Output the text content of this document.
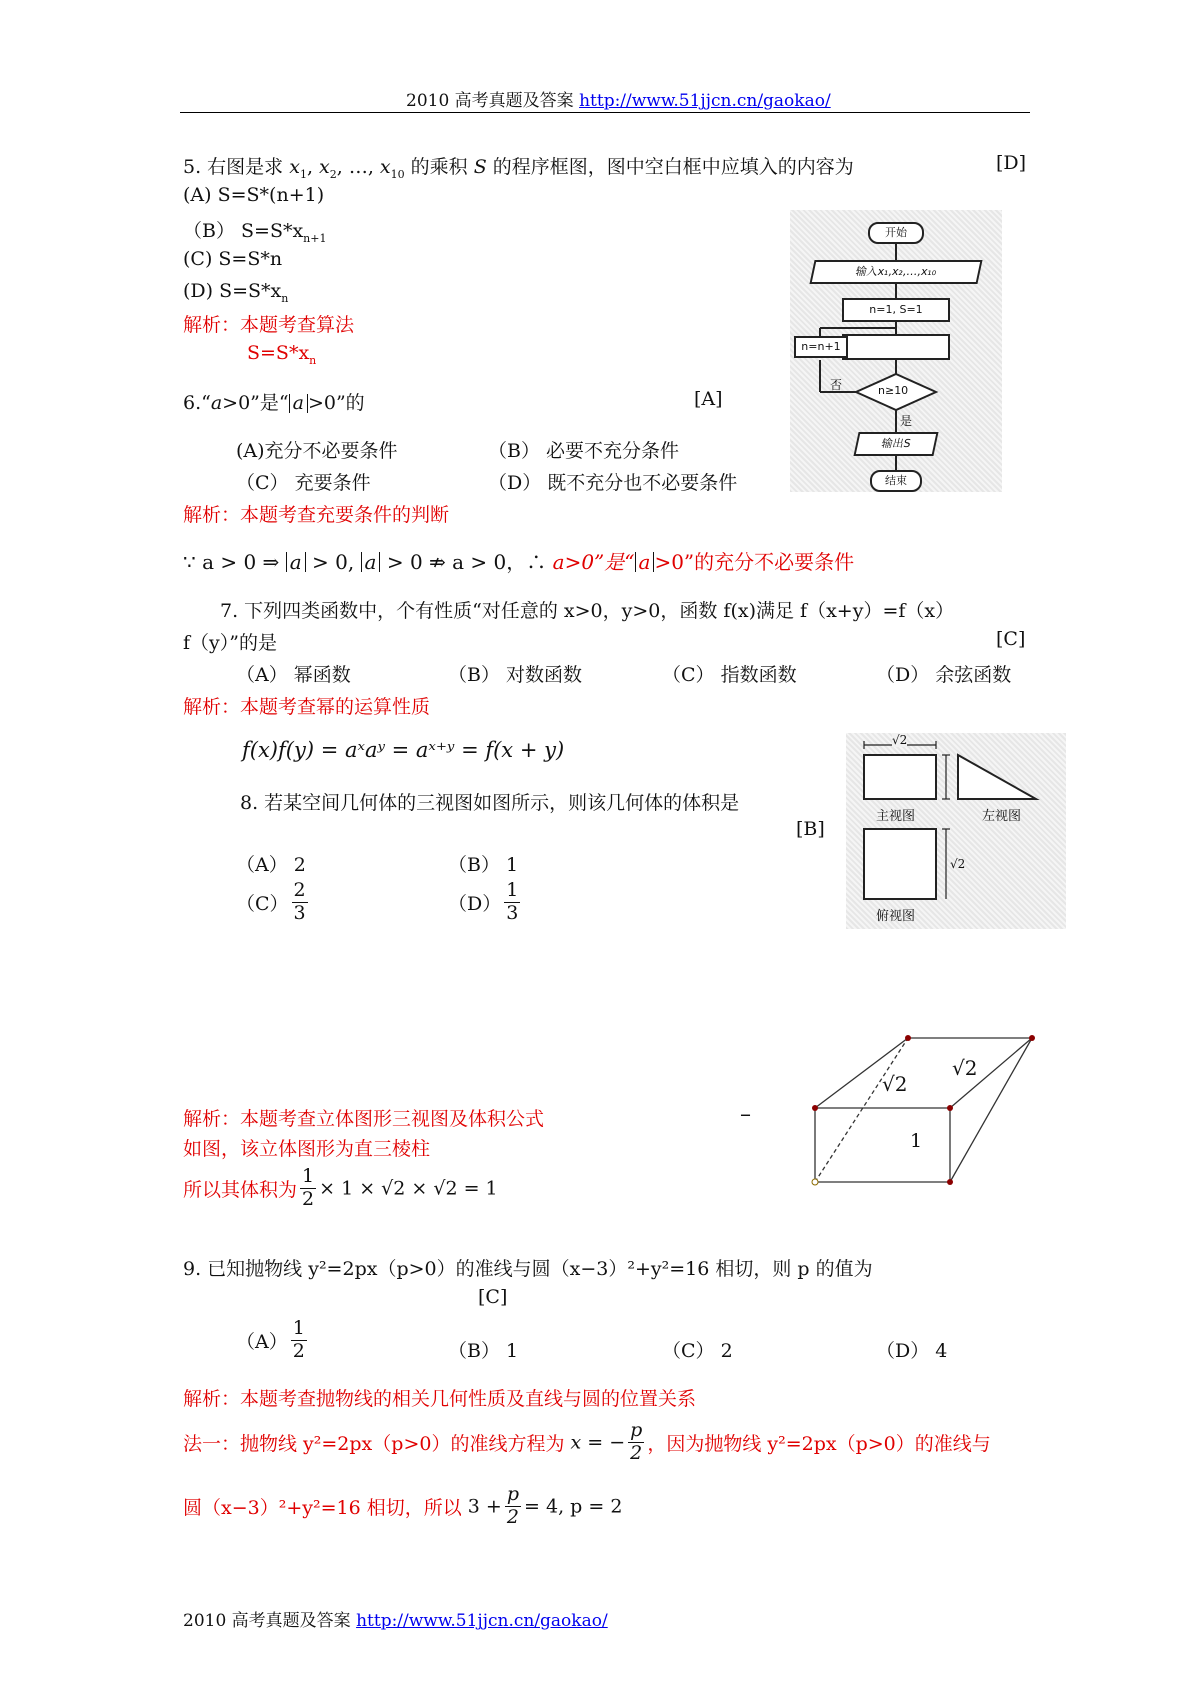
2010 高考真题及答案 http://www.51jjcn.cn/gaokao/
5. 右图是求 $x_1$, $x_2$, …, $x_{10}$ 的乘积 S 的程序框图，图中空白框中应填入的内容为	[D]
(A) S=S*(n+1)
（B） $S=S*x_{n+1}$
(C) S=S*n
(D) $S=S*x_n$
解析：本题考查算法
$S=S*x_n$
开始
输入x₁,x₂,…,x₁₀
n=1, S=1
n=n+1
n≥10
否
是
输出S
结束
6.“a>0”是“ a >0”的	[A]
(A)充分不必要条件	（B） 必要不充分条件
（C） 充要条件	（D） 既不充分也不必要条件
解析：本题考查充要条件的判断
∵ a > 0 ⇒ a > 0, a > 0 ⇏ a > 0，∴ a>0”是“ a >0”的充分不必要条件
7. 下列四类函数中，个有性质“对任意的 x>0，y>0，函数 f(x)满足 f（x+y）=f（x）
f（y）”的是	[C]
（A） 幂函数	（B） 对数函数	（C） 指数函数	（D） 余弦函数
解析：本题考查幂的运算性质
f(x)f(y) = aˣaʸ = aˣ⁺ʸ = f(x + y)
8. 若某空间几何体的三视图如图所示，则该几何体的体积是
[B]
（A） 2	（B） 1
$(C) \frac{2}{3}$	$(D) \frac{1}{3}$
√2
√2
主视图	左视图
俯视图
解析：本题考查立体图形三视图及体积公式	–
如图，该立体图形为直三棱柱
所以其体积为 $\frac{1}{2} \times 1 \times √2 \times √2 = 1$
√2
√2
1
9. 已知抛物线 y²=2px（p>0）的准线与圆（x−3）²+y²=16 相切，则 p 的值为
[C]
$(A) \frac{1}{2}$	（B） 1	（C） 2	（D） 4
解析：本题考查抛物线的相关几何性质及直线与圆的位置关系
法一：抛物线 y²=2px（p>0）的准线方程为 x = − $\frac{p}{2}$ ，因为抛物线 y²=2px（p>0）的准线与
圆（x−3）²+y²=16 相切，所以 $3 + \frac{p}{2} = 4$, p = 2
2010 高考真题及答案 http://www.51jjcn.cn/gaokao/
